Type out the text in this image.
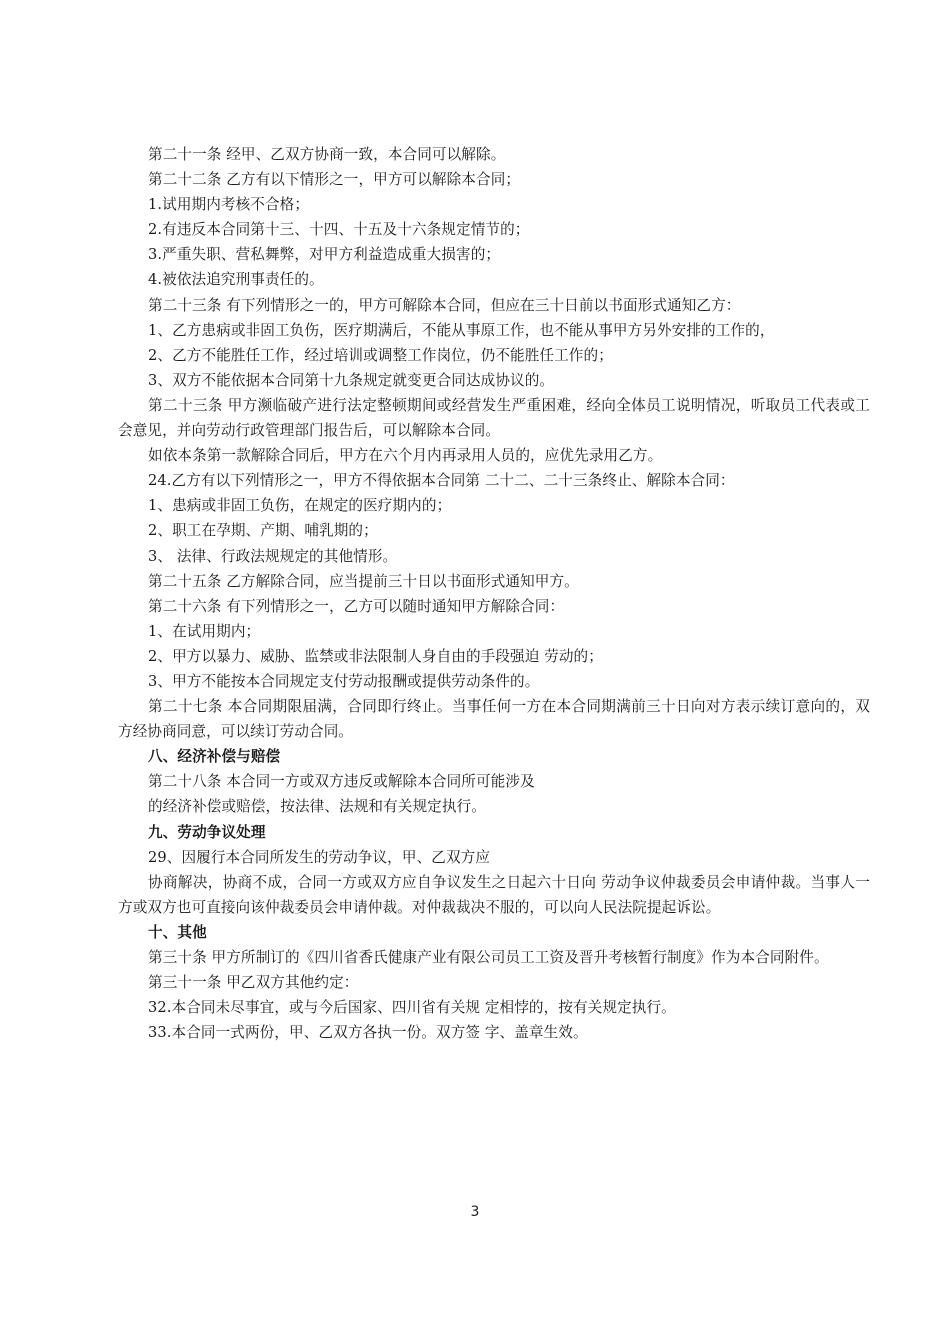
第二十一条 经甲、乙双方协商一致，本合同可以解除。

第二十二条 乙方有以下情形之一，甲方可以解除本合同；

1.试用期内考核不合格；

2.有违反本合同第十三、十四、十五及十六条规定情节的；

3.严重失职、营私舞弊，对甲方利益造成重大损害的；

4.被依法追究刑事责任的。

第二十三条 有下列情形之一的，甲方可解除本合同，但应在三十日前以书面形式通知乙方：

1、乙方患病或非固工负伤，医疗期满后，不能从事原工作，也不能从事甲方另外安排的工作的，

2、乙方不能胜任工作，经过培训或调整工作岗位，仍不能胜任工作的；

3、双方不能依据本合同第十九条规定就变更合同达成协议的。

第二十三条 甲方濒临破产进行法定整顿期间或经营发生严重困难，经向全体员工说明情况，听取员工代表或工会意见，并向劳动行政管理部门报告后，可以解除本合同。

如依本条第一款解除合同后，甲方在六个月内再录用人员的，应优先录用乙方。

24.乙方有以下列情形之一，甲方不得依据本合同第 二十二、二十三条终止、解除本合同：

1、患病或非固工负伤，在规定的医疗期内的；

2、职工在孕期、产期、哺乳期的；

3、 法律、行政法规规定的其他情形。

第二十五条 乙方解除合同，应当提前三十日以书面形式通知甲方。

第二十六条 有下列情形之一，乙方可以随时通知甲方解除合同：

1、在试用期内；

2、甲方以暴力、威胁、监禁或非法限制人身自由的手段强迫 劳动的；

3、甲方不能按本合同规定支付劳动报酬或提供劳动条件的。

第二十七条 本合同期限届满，合同即行终止。当事任何一方在本合同期满前三十日向对方表示续订意向的，双方经协商同意，可以续订劳动合同。

八、经济补偿与赔偿

第二十八条 本合同一方或双方违反或解除本合同所可能涉及

的经济补偿或赔偿，按法律、法规和有关规定执行。

九、劳动争议处理

29、因履行本合同所发生的劳动争议，甲、乙双方应

协商解决，协商不成，合同一方或双方应自争议发生之日起六十日向 劳动争议仲裁委员会申请仲裁。当事人一方或双方也可直接向该仲裁委员会申请仲裁。对仲裁裁决不服的，可以向人民法院提起诉讼。

十、其他

第三十条 甲方所制订的《四川省香氏健康产业有限公司员工工资及晋升考核暂行制度》作为本合同附件。

第三十一条 甲乙双方其他约定：

32.本合同未尽事宜，或与今后国家、四川省有关规 定相悖的，按有关规定执行。

33.本合同一式两份，甲、乙双方各执一份。双方签 字、盖章生效。

3
